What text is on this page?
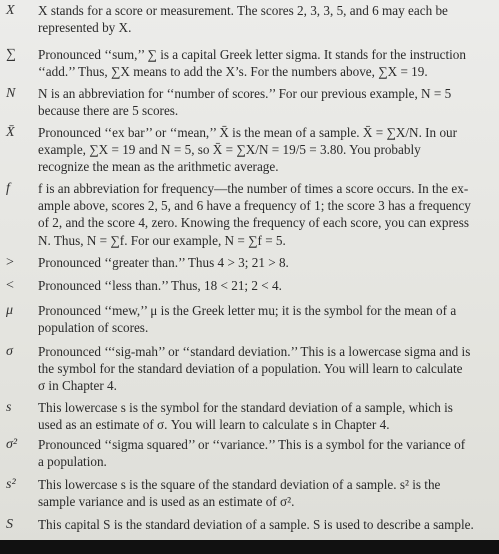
X	X stands for a score or measurement. The scores 2, 3, 3, 5, and 6 may each be
represented by X.
∑	Pronounced ‘‘sum,’’ ∑ is a capital Greek letter sigma. It stands for the instruction
‘‘add.’’ Thus, ∑X means to add the X’s. For the numbers above, ∑X = 19.
N	N is an abbreviation for ‘‘number of scores.’’ For our previous example, N = 5
because there are 5 scores.
X̄	Pronounced ‘‘ex bar’’ or ‘‘mean,’’ X̄ is the mean of a sample. X̄ = ∑X/N. In our
example, ∑X = 19 and N = 5, so X̄ = ∑X/N = 19/5 = 3.80. You probably
recognize the mean as the arithmetic average.
f	f is an abbreviation for frequency—the number of times a score occurs. In the ex-
ample above, scores 2, 5, and 6 have a frequency of 1; the score 3 has a frequency
of 2, and the score 4, zero. Knowing the frequency of each score, you can express
N. Thus, N = ∑f. For our example, N = ∑f = 5.
>	Pronounced ‘‘greater than.’’ Thus 4 > 3; 21 > 8.
<	Pronounced ‘‘less than.’’ Thus, 18 < 21; 2 < 4.
μ	Pronounced ‘‘mew,’’ μ is the Greek letter mu; it is the symbol for the mean of a
population of scores.
σ	Pronounced ‘‘‘sig-mah’’ or ‘‘standard deviation.’’ This is a lowercase sigma and is
the symbol for the standard deviation of a population. You will learn to calculate
σ in Chapter 4.
s	This lowercase s is the symbol for the standard deviation of a sample, which is
used as an estimate of σ. You will learn to calculate s in Chapter 4.
σ²	Pronounced ‘‘sigma squared’’ or ‘‘variance.’’ This is a symbol for the variance of
a population.
s²	This lowercase s is the square of the standard deviation of a sample. s² is the
sample variance and is used as an estimate of σ².
S	This capital S is the standard deviation of a sample. S is used to describe a sample.
